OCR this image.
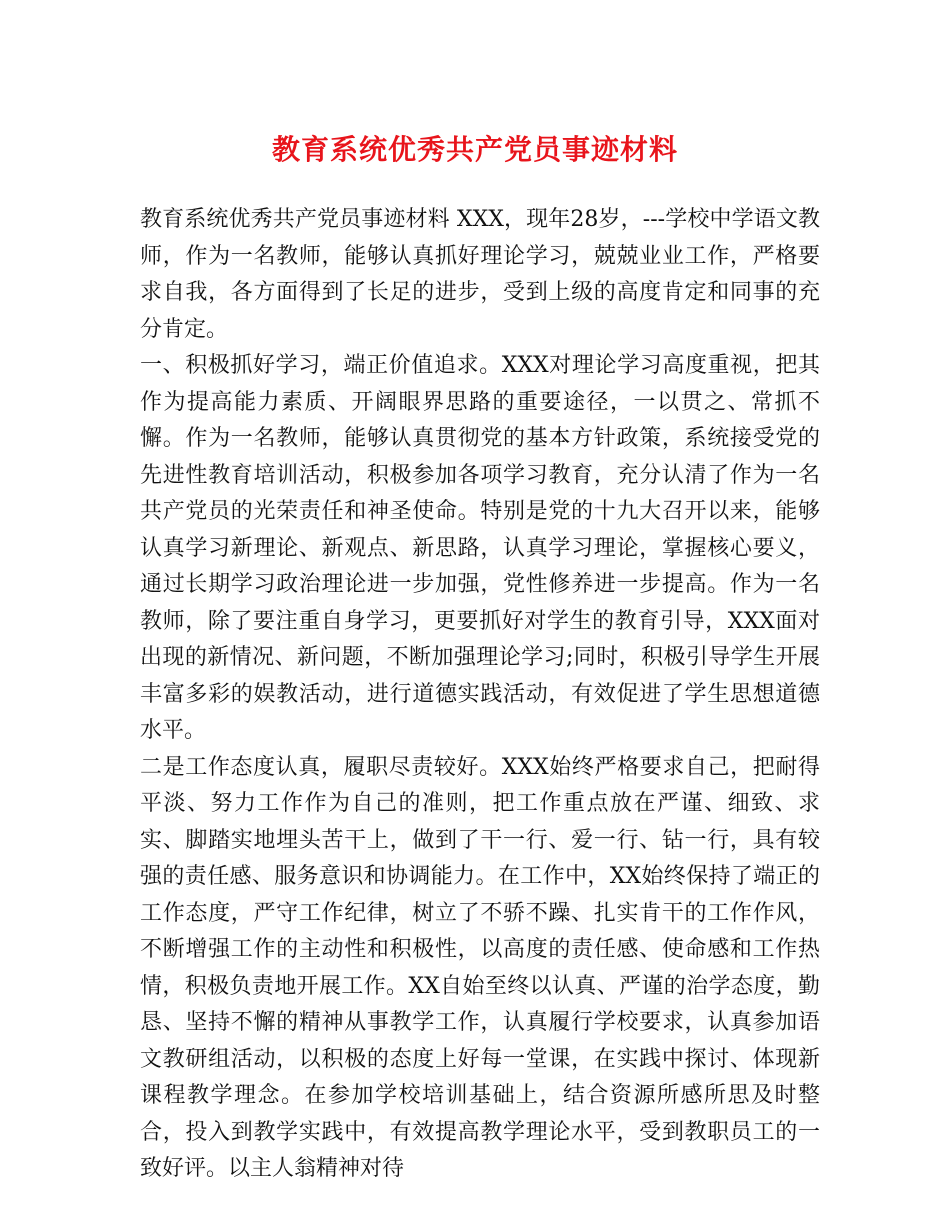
教育系统优秀共产党员事迹材料

教育系统优秀共产党员事迹材料 XXX，现年28岁，---学校中学语文教师，作为一名教师，能够认真抓好理论学习，兢兢业业工作，严格要求自我，各方面得到了长足的进步，受到上级的高度肯定和同事的充分肯定。

一、积极抓好学习，端正价值追求。XXX对理论学习高度重视，把其作为提高能力素质、开阔眼界思路的重要途径，一以贯之、常抓不懈。作为一名教师，能够认真贯彻党的基本方针政策，系统接受党的先进性教育培训活动，积极参加各项学习教育，充分认清了作为一名共产党员的光荣责任和神圣使命。特别是党的十九大召开以来，能够认真学习新理论、新观点、新思路，认真学习理论，掌握核心要义，通过长期学习政治理论进一步加强，党性修养进一步提高。作为一名教师，除了要注重自身学习，更要抓好对学生的教育引导，XXX面对出现的新情况、新问题，不断加强理论学习;同时，积极引导学生开展丰富多彩的娱教活动，进行道德实践活动，有效促进了学生思想道德水平。

二是工作态度认真，履职尽责较好。XXX始终严格要求自己，把耐得平淡、努力工作作为自己的准则，把工作重点放在严谨、细致、求实、脚踏实地埋头苦干上，做到了干一行、爱一行、钻一行，具有较强的责任感、服务意识和协调能力。在工作中，XX始终保持了端正的工作态度，严守工作纪律，树立了不骄不躁、扎实肯干的工作作风，不断增强工作的主动性和积极性，以高度的责任感、使命感和工作热情，积极负责地开展工作。XX自始至终以认真、严谨的治学态度，勤恳、坚持不懈的精神从事教学工作，认真履行学校要求，认真参加语文教研组活动，以积极的态度上好每一堂课，在实践中探讨、体现新课程教学理念。在参加学校培训基础上，结合资源所感所思及时整合，投入到教学实践中，有效提高教学理论水平，受到教职员工的一致好评。以主人翁精神对待
